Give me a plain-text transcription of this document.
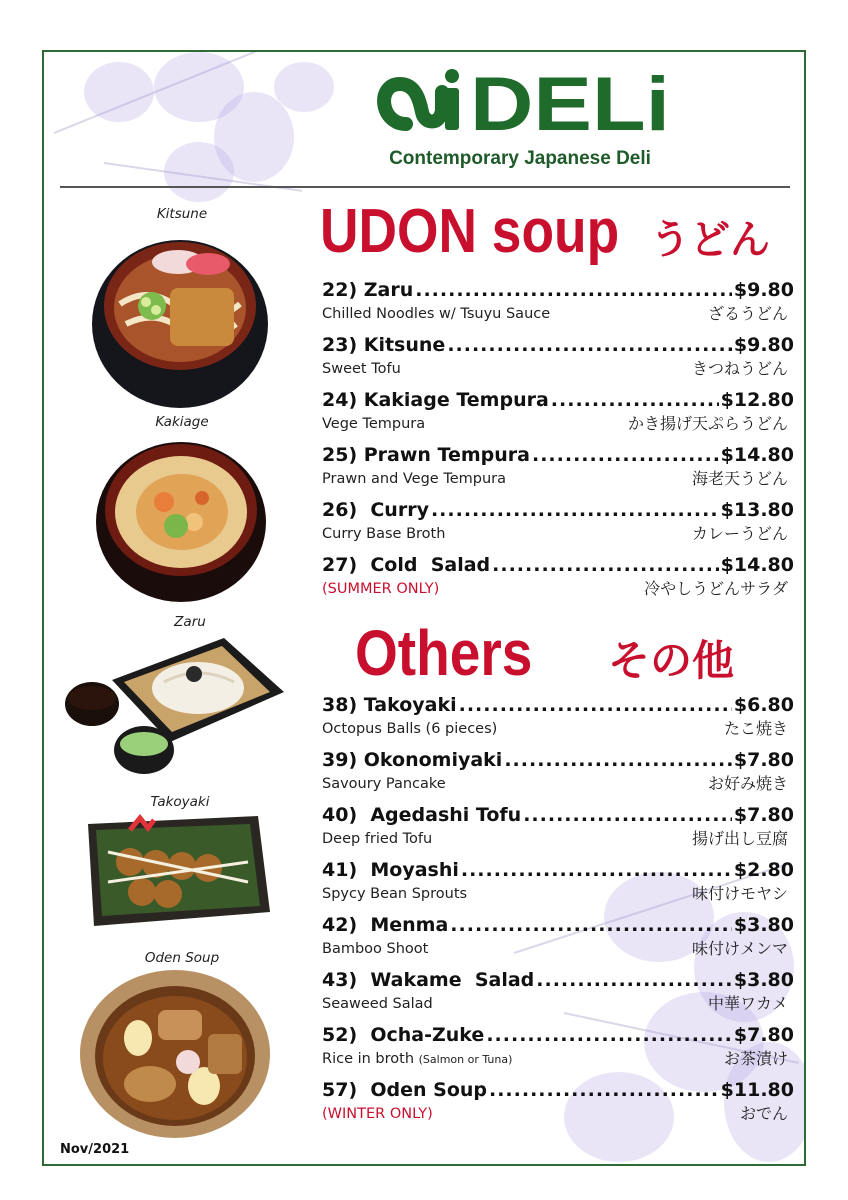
DELi
Contemporary Japanese Deli
UDON soup うどん
22) Zaru .....	$9.80
Chilled Noodles w/ Tsuyu Sauce	ざるうどん
23) Kitsune .....	$9.80
Sweet Tofu	きつねうどん
24) Kakiage Tempura .....	$12.80
Vege Tempura	かき揚げ天ぷらうどん
25) Prawn Tempura .....	$14.80
Prawn and Vege Tempura	海老天うどん
26)  Curry .....	$13.80
Curry Base Broth	カレーうどん
27)  Cold  Salad .....	$14.80
(SUMMER ONLY)	冷やしうどんサラダ
Others その他
38) Takoyaki .....	$6.80
Octopus Balls (6 pieces)	たこ焼き
39) Okonomiyaki .....	$7.80
Savoury Pancake	お好み焼き
40)  Agedashi Tofu .....	$7.80
Deep fried Tofu	揚げ出し豆腐
41)  Moyashi .....	$2.80
Spycy Bean Sprouts	味付けモヤシ
42)  Menma .....	$3.80
Bamboo Shoot	味付けメンマ
43)  Wakame  Salad .....	$3.80
Seaweed Salad	中華ワカメ
52)  Ocha-Zuke .....	$7.80
Rice in broth (Salmon or Tuna)	お茶漬け
57)  Oden Soup .....	$11.80
(WINTER ONLY)	おでん
Kitsune
Kakiage
Zaru
Takoyaki
Oden Soup
Nov/2021
